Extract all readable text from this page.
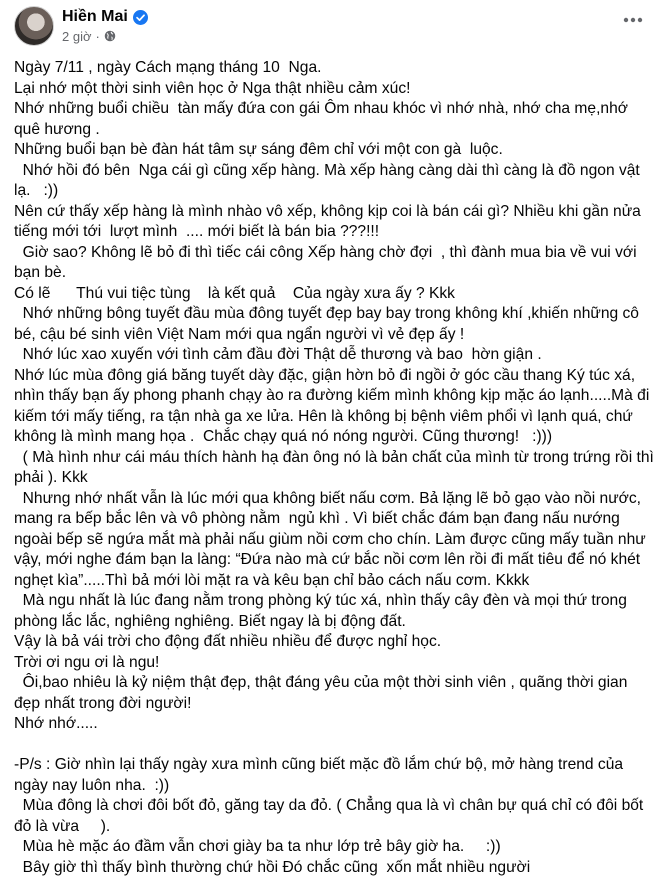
Hiền Mai
2 giờ ·

Ngày 7/11 , ngày Cách mạng tháng 10  Nga.

Lại nhớ một thời sinh viên học ở Nga thật nhiều cảm xúc!

Nhớ những buổi chiều  tàn mấy đứa con gái Ôm nhau khóc vì nhớ nhà, nhớ cha mẹ,nhớ quê hương .

Những buổi bạn bè đàn hát tâm sự sáng đêm chỉ với một con gà  luộc.

Nhớ hồi đó bên  Nga cái gì cũng xếp hàng. Mà xếp hàng càng dài thì càng là đồ ngon vật lạ.   :))

Nên cứ thấy xếp hàng là mình nhào vô xếp, không kịp coi là bán cái gì? Nhiều khi gần nửa tiếng mới tới  lượt mình  .... mới biết là bán bia ???!!!

Giờ sao? Không lẽ bỏ đi thì tiếc cái công Xếp hàng chờ đợi  , thì đành mua bia về vui với bạn bè.

Có lẽ      Thú vui tiệc tùng    là kết quả    Của ngày xưa ấy ? Kkk

Nhớ những bông tuyết đầu mùa đông tuyết đẹp bay bay trong không khí ,khiến những cô bé, cậu bé sinh viên Việt Nam mới qua ngẩn người vì vẻ đẹp ấy !

Nhớ lúc xao xuyến với tình cảm đầu đời Thật dễ thương và bao  hờn giận .

Nhớ lúc mùa đông giá băng tuyết dày đặc, giận hờn bỏ đi ngồi ở góc cầu thang Ký túc xá, nhìn thấy bạn ấy phong phanh chạy ào ra đường kiếm mình không kịp mặc áo lạnh.....Mà đi kiếm tới mấy tiếng, ra tận nhà ga xe lửa. Hên là không bị bệnh viêm phổi vì lạnh quá, chứ không là mình mang họa .  Chắc chạy quá nó nóng người. Cũng thương!   :)))

( Mà hình như cái máu thích hành hạ đàn ông nó là bản chất của mình từ trong trứng rồi thì phải ). Kkk

Nhưng nhớ nhất vẫn là lúc mới qua không biết nấu cơm. Bả lặng lẽ bỏ gạo vào nồi nước, mang ra bếp bắc lên và vô phòng nằm  ngủ khì . Vì biết chắc đám bạn đang nấu nướng ngoài bếp sẽ ngứa mắt mà phải nấu giùm nồi cơm cho chín. Làm được cũng mấy tuần như vậy, mới nghe đám bạn la làng: “Đứa nào mà cứ bắc nồi cơm lên rồi đi mất tiêu để nó khét nghẹt kìa”.....Thì bả mới lòi mặt ra và kêu bạn chỉ bảo cách nấu cơm. Kkkk

Mà ngu nhất là lúc đang nằm trong phòng ký túc xá, nhìn thấy cây đèn và mọi thứ trong phòng lắc lắc, nghiêng nghiêng. Biết ngay là bị động đất.

Vậy là bả vái trời cho động đất nhiều nhiều để được nghỉ học.

Trời ơi ngu ơi là ngu!

Ôi,bao nhiêu là kỷ niệm thật đẹp, thật đáng yêu của một thời sinh viên , quãng thời gian đẹp nhất trong đời người!

Nhớ nhớ.....

-P/s : Giờ nhìn lại thấy ngày xưa mình cũng biết mặc đồ lắm chứ bộ, mở hàng trend của ngày nay luôn nha.  :))

Mùa đông là chơi đôi bốt đỏ, găng tay da đỏ. ( Chẳng qua là vì chân bự quá chỉ có đôi bốt đỏ là vừa     ).

Mùa hè mặc áo đầm vẫn chơi giày ba ta như lớp trẻ bây giờ ha.     :))

Bây giờ thì thấy bình thường chứ hồi Đó chắc cũng  xốn mắt nhiều người
